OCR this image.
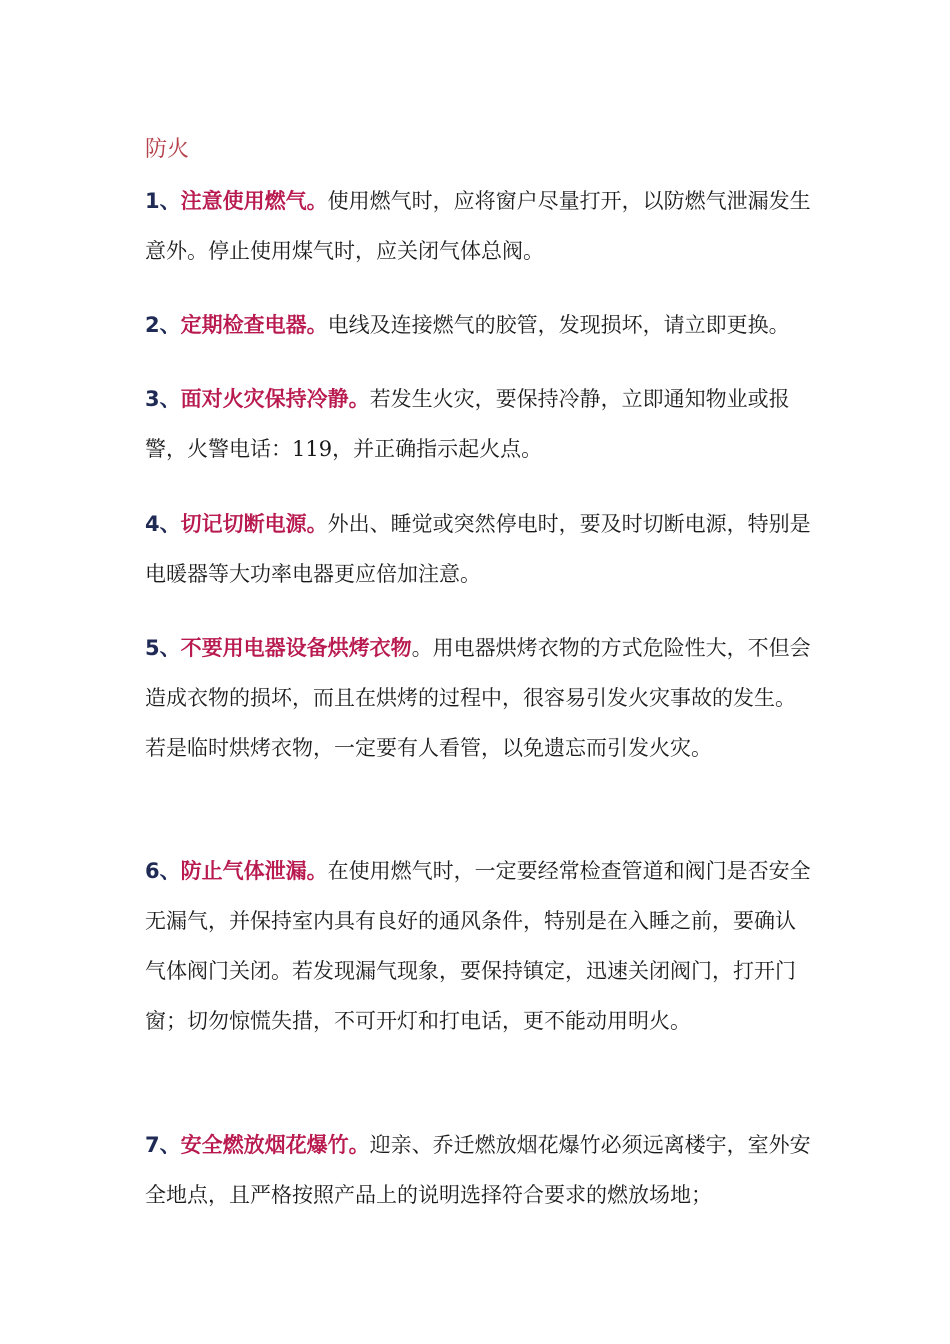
防火

1、注意使用燃气。使用燃气时，应将窗户尽量打开，以防燃气泄漏发生意外。停止使用煤气时，应关闭气体总阀。

2、定期检查电器。电线及连接燃气的胶管，发现损坏，请立即更换。

3、面对火灾保持冷静。若发生火灾，要保持冷静，立即通知物业或报警，火警电话：119，并正确指示起火点。

4、切记切断电源。外出、睡觉或突然停电时，要及时切断电源，特别是电暖器等大功率电器更应倍加注意。

5、不要用电器设备烘烤衣物。用电器烘烤衣物的方式危险性大，不但会造成衣物的损坏，而且在烘烤的过程中，很容易引发火灾事故的发生。若是临时烘烤衣物，一定要有人看管，以免遗忘而引发火灾。

6、防止气体泄漏。在使用燃气时，一定要经常检查管道和阀门是否安全无漏气，并保持室内具有良好的通风条件，特别是在入睡之前，要确认气体阀门关闭。若发现漏气现象，要保持镇定，迅速关闭阀门，打开门窗；切勿惊慌失措，不可开灯和打电话，更不能动用明火。

7、安全燃放烟花爆竹。迎亲、乔迁燃放烟花爆竹必须远离楼宇，室外安全地点，且严格按照产品上的说明选择符合要求的燃放场地；
